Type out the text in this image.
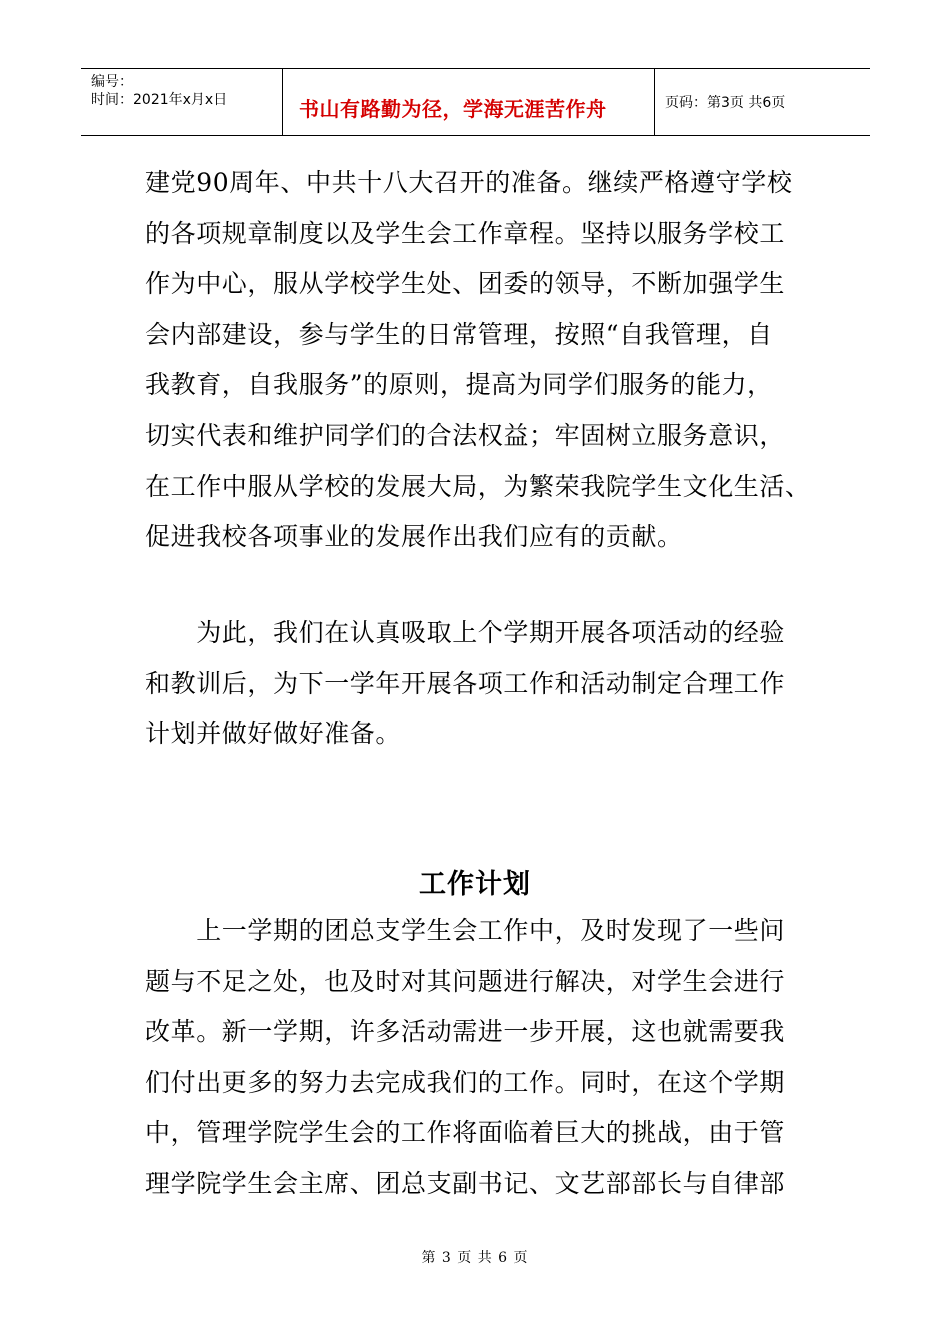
编号：
时间：2021年x月x日	书山有路勤为径，学海无涯苦作舟	页码：第3页 共6页
建党90周年、中共十八大召开的准备。继续严格遵守学校
的各项规章制度以及学生会工作章程。坚持以服务学校工
作为中心，服从学校学生处、团委的领导，不断加强学生
会内部建设，参与学生的日常管理，按照“自我管理，自
我教育，自我服务”的原则，提高为同学们服务的能力，
切实代表和维护同学们的合法权益；牢固树立服务意识，
在工作中服从学校的发展大局，为繁荣我院学生文化生活、
促进我校各项事业的发展作出我们应有的贡献。
　　为此，我们在认真吸取上个学期开展各项活动的经验
和教训后，为下一学年开展各项工作和活动制定合理工作
计划并做好做好准备。
工作计划
　　上一学期的团总支学生会工作中，及时发现了一些问
题与不足之处，也及时对其问题进行解决，对学生会进行
改革。新一学期，许多活动需进一步开展，这也就需要我
们付出更多的努力去完成我们的工作。同时，在这个学期
中，管理学院学生会的工作将面临着巨大的挑战，由于管
理学院学生会主席、团总支副书记、文艺部部长与自律部
第 3 页 共 6 页
